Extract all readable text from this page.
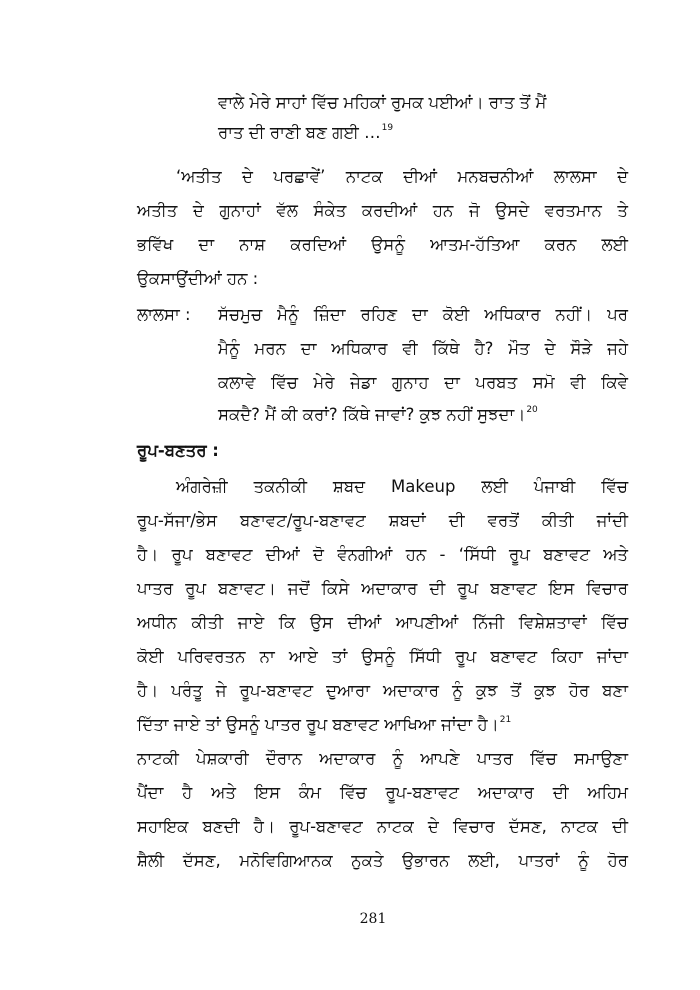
ਵਾਲੇ ਮੇਰੇ ਸਾਹਾਂ ਵਿੱਚ ਮਹਿਕਾਂ ਰੁਮਕ ਪਈਆਂ। ਰਾਤ ਤੋਂ ਮੈਂ
ਰਾਤ ਦੀ ਰਾਣੀ ਬਣ ਗਈ …$^{19}$
‘ਅਤੀਤ ਦੇ ਪਰਛਾਵੇਂ’ ਨਾਟਕ ਦੀਆਂ ਮਨਬਚਨੀਆਂ ਲਾਲਸਾ ਦੇ
ਅਤੀਤ ਦੇ ਗੁਨਾਹਾਂ ਵੱਲ ਸੰਕੇਤ ਕਰਦੀਆਂ ਹਨ ਜੋ ਉਸਦੇ ਵਰਤਮਾਨ ਤੇ
ਭਵਿੱਖ ਦਾ ਨਾਸ਼ ਕਰਦਿਆਂ ਉਸਨੂੰ ਆਤਮ-ਹੱਤਿਆ ਕਰਨ ਲਈ
ਉਕਸਾਉਂਦੀਆਂ ਹਨ :
ਲਾਲਸਾ : ਸੱਚਮੁਚ ਮੈਨੂੰ ਜ਼ਿੰਦਾ ਰਹਿਣ ਦਾ ਕੋਈ ਅਧਿਕਾਰ ਨਹੀਂ। ਪਰ
ਮੈਨੂੰ ਮਰਨ ਦਾ ਅਧਿਕਾਰ ਵੀ ਕਿੱਥੇ ਹੈ? ਮੌਤ ਦੇ ਸੌੜੇ ਜਹੇ
ਕਲਾਵੇ ਵਿੱਚ ਮੇਰੇ ਜੇਡਾ ਗੁਨਾਹ ਦਾ ਪਰਬਤ ਸਮੋ ਵੀ ਕਿਵੇ
ਸਕਦੈ? ਮੈਂ ਕੀ ਕਰਾਂ? ਕਿੱਥੇ ਜਾਵਾਂ? ਕੁਝ ਨਹੀਂ ਸੁਝਦਾ।$^{20}$
ਰੂਪ-ਬਣਤਰ :
ਅੰਗਰੇਜ਼ੀ ਤਕਨੀਕੀ ਸ਼ਬਦ Makeup ਲਈ ਪੰਜਾਬੀ ਵਿੱਚ
ਰੂਪ-ਸੱਜਾ/ਭੇਸ ਬਣਾਵਟ/ਰੂਪ-ਬਣਾਵਟ ਸ਼ਬਦਾਂ ਦੀ ਵਰਤੋਂ ਕੀਤੀ ਜਾਂਦੀ
ਹੈ। ਰੂਪ ਬਣਾਵਟ ਦੀਆਂ ਦੋ ਵੰਨਗੀਆਂ ਹਨ - ‘ਸਿੱਧੀ ਰੂਪ ਬਣਾਵਟ ਅਤੇ
ਪਾਤਰ ਰੂਪ ਬਣਾਵਟ। ਜਦੋਂ ਕਿਸੇ ਅਦਾਕਾਰ ਦੀ ਰੂਪ ਬਣਾਵਟ ਇਸ ਵਿਚਾਰ
ਅਧੀਨ ਕੀਤੀ ਜਾਏ ਕਿ ਉਸ ਦੀਆਂ ਆਪਣੀਆਂ ਨਿੱਜੀ ਵਿਸ਼ੇਸ਼ਤਾਵਾਂ ਵਿੱਚ
ਕੋਈ ਪਰਿਵਰਤਨ ਨਾ ਆਏ ਤਾਂ ਉਸਨੂੰ ਸਿੱਧੀ ਰੂਪ ਬਣਾਵਟ ਕਿਹਾ ਜਾਂਦਾ
ਹੈ। ਪਰੰਤੂ ਜੇ ਰੂਪ-ਬਣਾਵਟ ਦੁਆਰਾ ਅਦਾਕਾਰ ਨੂੰ ਕੁਝ ਤੋਂ ਕੁਝ ਹੋਰ ਬਣਾ
ਦਿੱਤਾ ਜਾਏ ਤਾਂ ਉਸਨੂੰ ਪਾਤਰ ਰੂਪ ਬਣਾਵਟ ਆਖਿਆ ਜਾਂਦਾ ਹੈ।$^{21}$
ਨਾਟਕੀ ਪੇਸ਼ਕਾਰੀ ਦੌਰਾਨ ਅਦਾਕਾਰ ਨੂੰ ਆਪਣੇ ਪਾਤਰ ਵਿੱਚ ਸਮਾਉਣਾ
ਪੈਂਦਾ ਹੈ ਅਤੇ ਇਸ ਕੰਮ ਵਿੱਚ ਰੂਪ-ਬਣਾਵਟ ਅਦਾਕਾਰ ਦੀ ਅਹਿਮ
ਸਹਾਇਕ ਬਣਦੀ ਹੈ। ਰੂਪ-ਬਣਾਵਟ ਨਾਟਕ ਦੇ ਵਿਚਾਰ ਦੱਸਣ, ਨਾਟਕ ਦੀ
ਸ਼ੈਲੀ ਦੱਸਣ, ਮਨੋਵਿਗਿਆਨਕ ਨੁਕਤੇ ਉਭਾਰਨ ਲਈ, ਪਾਤਰਾਂ ਨੂੰ ਹੋਰ
281
